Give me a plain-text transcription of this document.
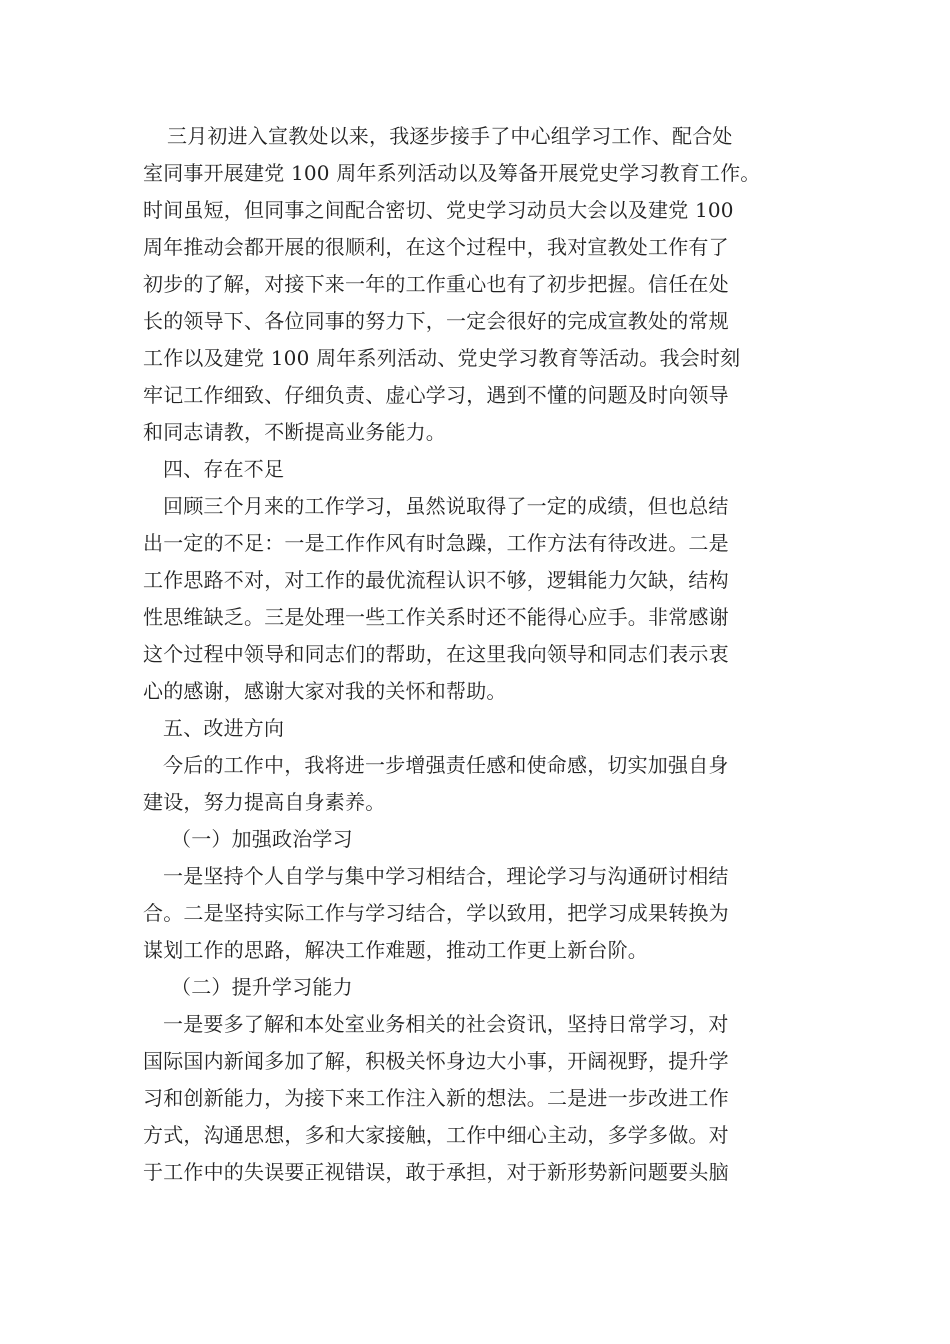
三月初进入宣教处以来，我逐步接手了中心组学习工作、配合处
室同事开展建党 100 周年系列活动以及筹备开展党史学习教育工作。
时间虽短，但同事之间配合密切、党史学习动员大会以及建党 100
周年推动会都开展的很顺利，在这个过程中，我对宣教处工作有了
初步的了解，对接下来一年的工作重心也有了初步把握。信任在处
长的领导下、各位同事的努力下，一定会很好的完成宣教处的常规
工作以及建党 100 周年系列活动、党史学习教育等活动。我会时刻
牢记工作细致、仔细负责、虚心学习，遇到不懂的问题及时向领导
和同志请教，不断提高业务能力。
四、存在不足
回顾三个月来的工作学习，虽然说取得了一定的成绩，但也总结
出一定的不足：一是工作作风有时急躁，工作方法有待改进。二是
工作思路不对，对工作的最优流程认识不够，逻辑能力欠缺，结构
性思维缺乏。三是处理一些工作关系时还不能得心应手。非常感谢
这个过程中领导和同志们的帮助，在这里我向领导和同志们表示衷
心的感谢，感谢大家对我的关怀和帮助。
五、改进方向
今后的工作中，我将进一步增强责任感和使命感，切实加强自身
建设，努力提高自身素养。
（一）加强政治学习
一是坚持个人自学与集中学习相结合，理论学习与沟通研讨相结
合。二是坚持实际工作与学习结合，学以致用，把学习成果转换为
谋划工作的思路，解决工作难题，推动工作更上新台阶。
（二）提升学习能力
一是要多了解和本处室业务相关的社会资讯，坚持日常学习，对
国际国内新闻多加了解，积极关怀身边大小事，开阔视野，提升学
习和创新能力，为接下来工作注入新的想法。二是进一步改进工作
方式，沟通思想，多和大家接触，工作中细心主动，多学多做。对
于工作中的失误要正视错误，敢于承担，对于新形势新问题要头脑
